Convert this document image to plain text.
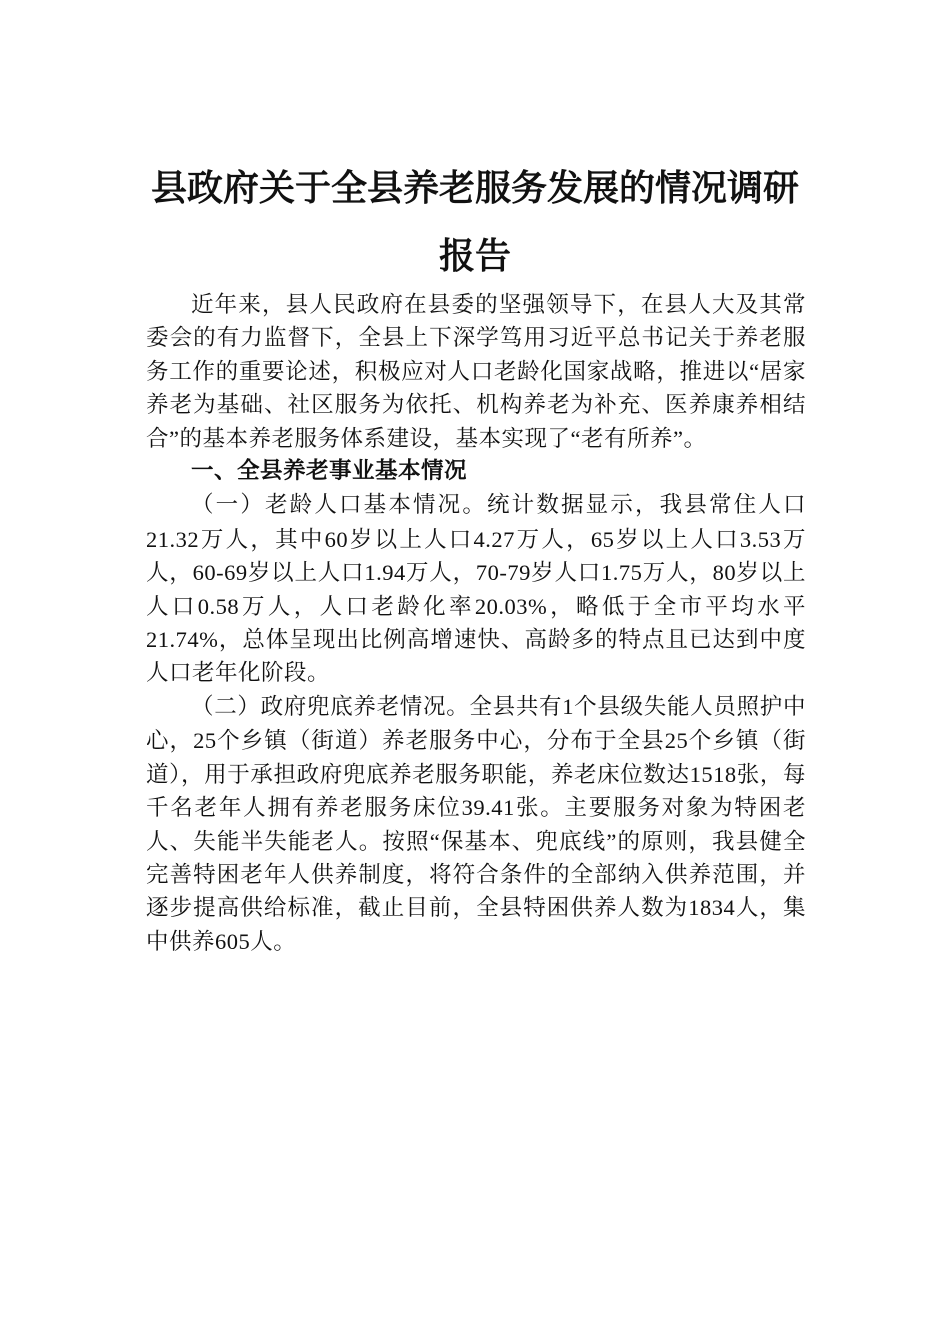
县政府关于全县养老服务发展的情况调研
报告

近年来，县人民政府在县委的坚强领导下，在县人大及其常委会的有力监督下，全县上下深学笃用习近平总书记关于养老服务工作的重要论述，积极应对人口老龄化国家战略，推进以“居家养老为基础、社区服务为依托、机构养老为补充、医养康养相结合”的基本养老服务体系建设，基本实现了“老有所养”。

一、全县养老事业基本情况

（一）老龄人口基本情况。统计数据显示，我县常住人口21.32万人，其中60岁以上人口4.27万人，65岁以上人口3.53万人，60-69岁以上人口1.94万人，70-79岁人口1.75万人，80岁以上人口0.58万人，人口老龄化率20.03%，略低于全市平均水平21.74%，总体呈现出比例高增速快、高龄多的特点且已达到中度人口老年化阶段。

（二）政府兜底养老情况。全县共有1个县级失能人员照护中心，25个乡镇（街道）养老服务中心，分布于全县25个乡镇（街道），用于承担政府兜底养老服务职能，养老床位数达1518张，每千名老年人拥有养老服务床位39.41张。主要服务对象为特困老人、失能半失能老人。按照“保基本、兜底线”的原则，我县健全完善特困老年人供养制度，将符合条件的全部纳入供养范围，并逐步提高供给标准，截止目前，全县特困供养人数为1834人，集中供养605人。
